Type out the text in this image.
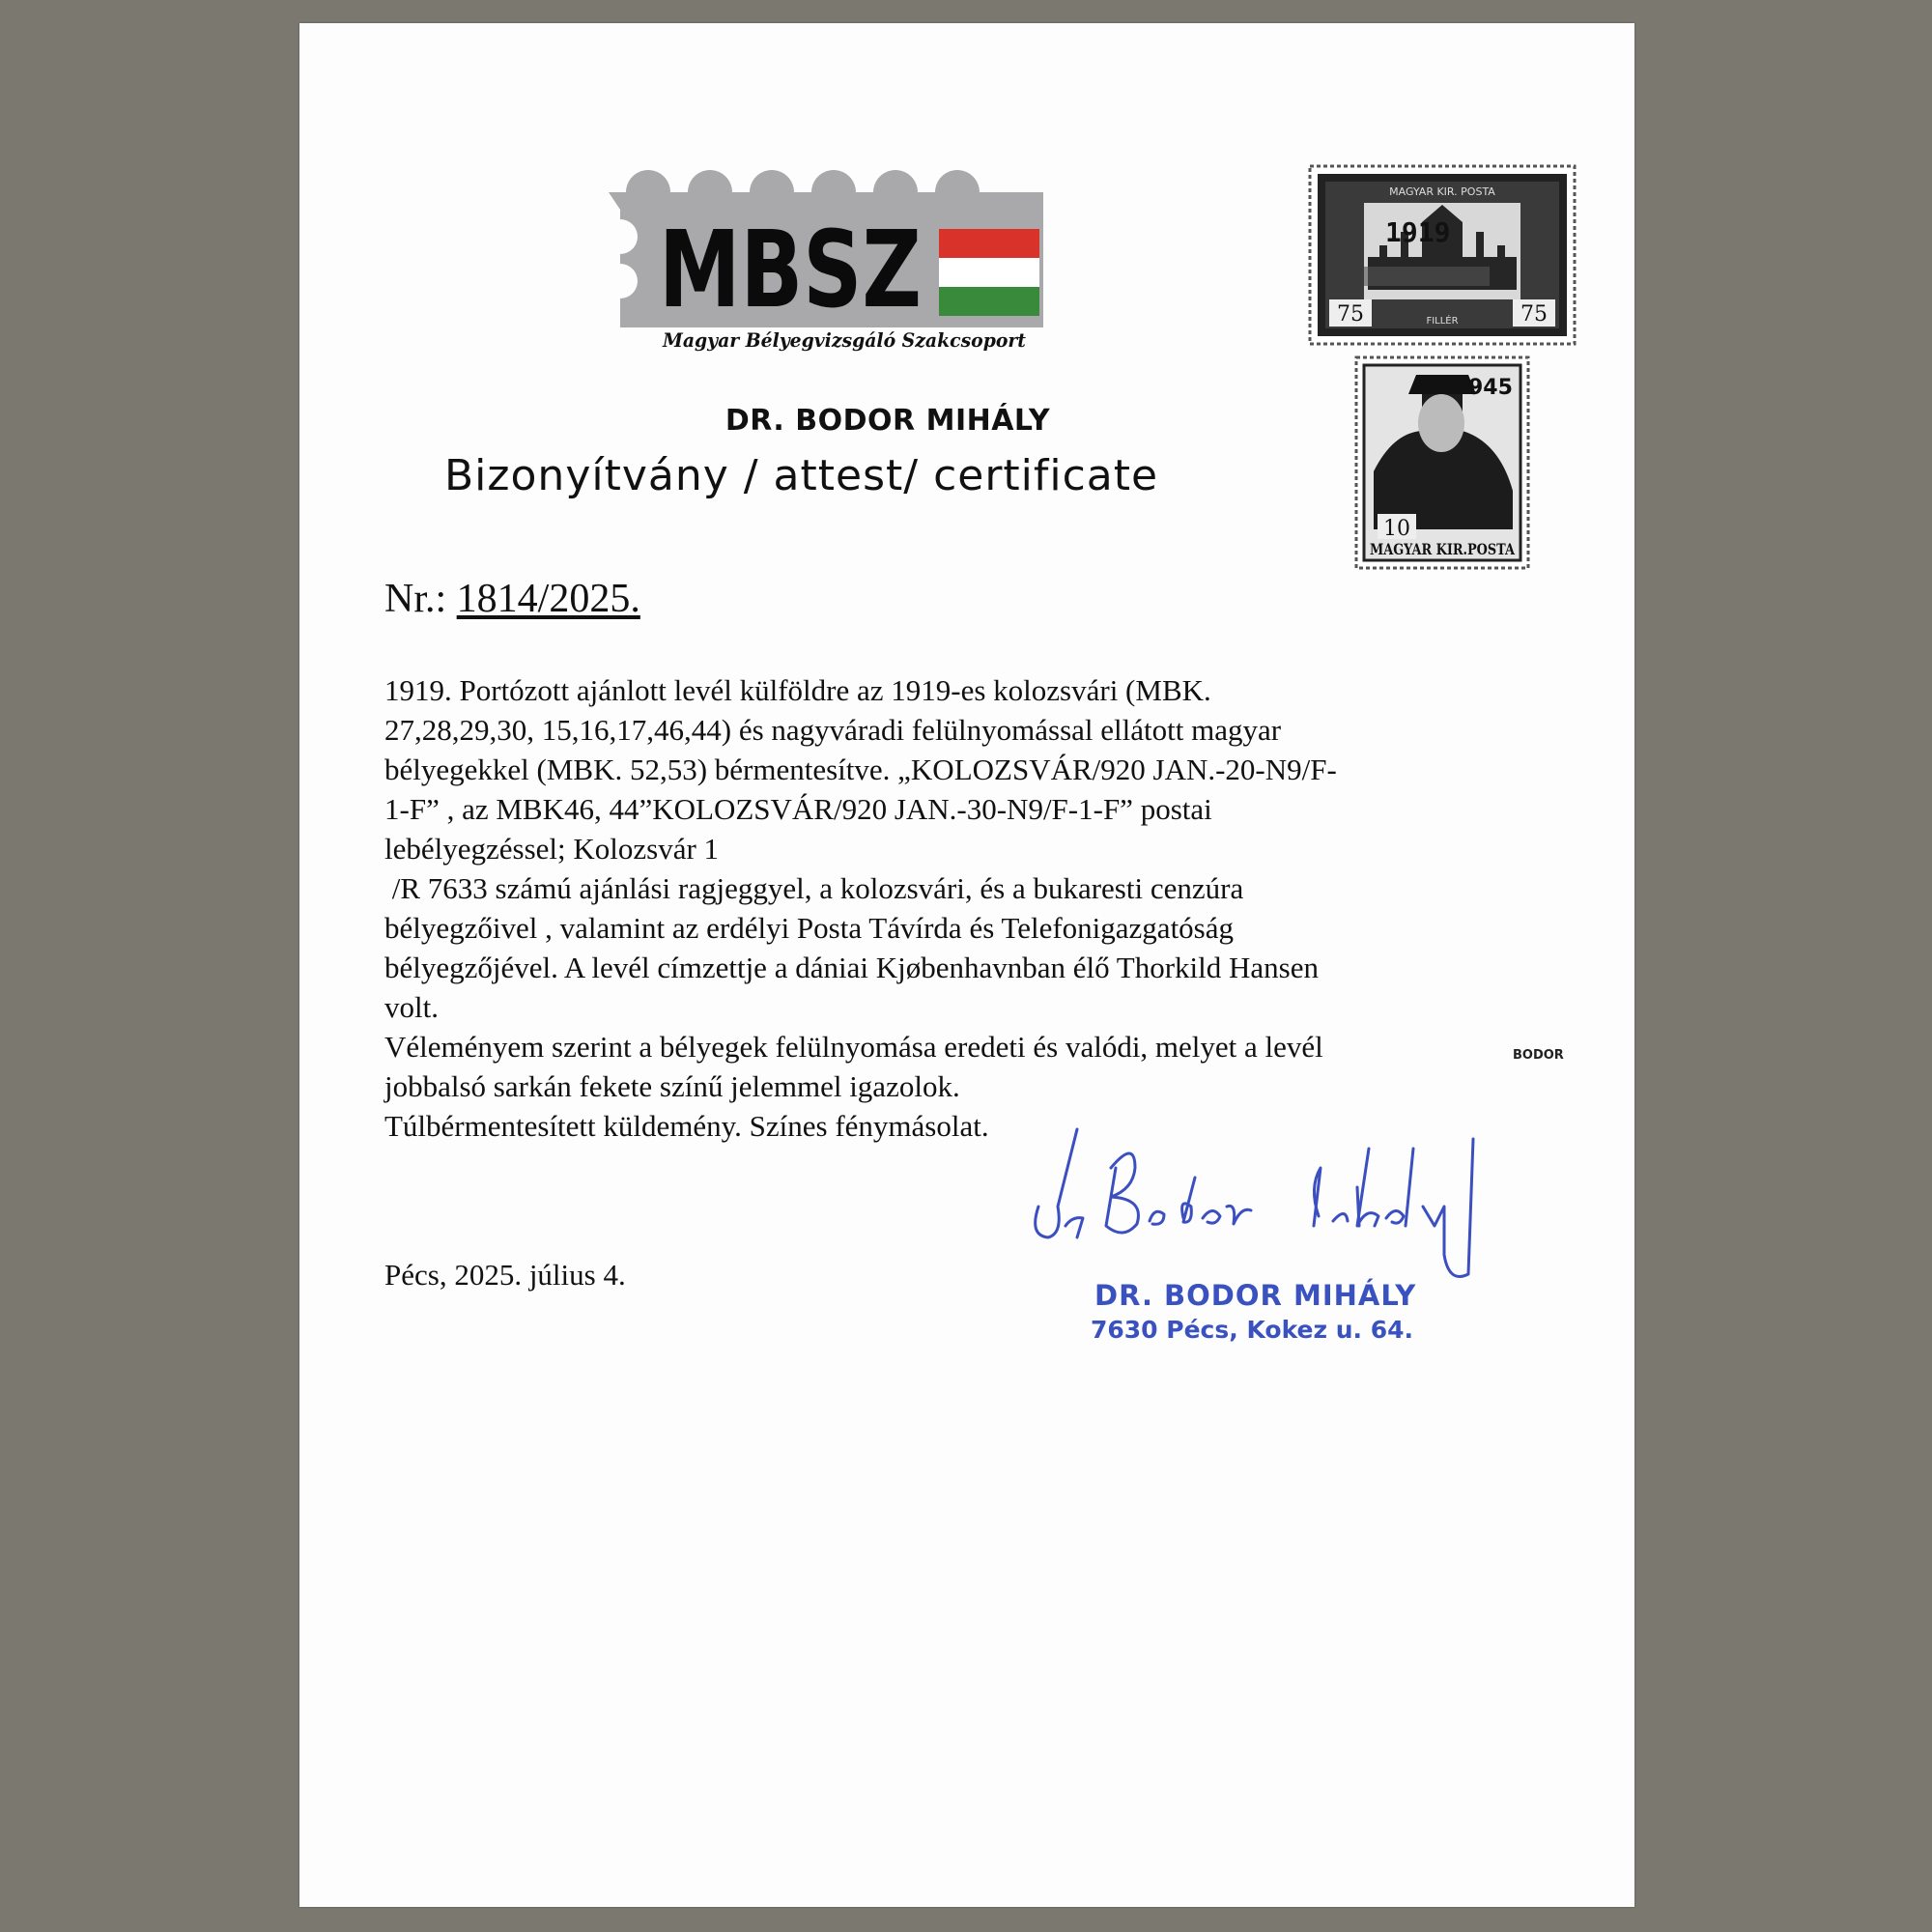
MBSZ
Magyar Bélyegvizsgáló Szakcsoport
DR. BODOR MIHÁLY
Bizonyítvány / attest/ certificate
MAGYAR KIR. POSTA
1919
75	75
FILLÉR
945
10
MAGYAR KIR.POSTA
Nr.: 1814/2025.

1919. Portózott ajánlott levél külföldre az 1919-es kolozsvári (MBK.

27,28,29,30, 15,16,17,46,44) és nagyváradi felülnyomással ellátott magyar

bélyegekkel (MBK. 52,53) bérmentesítve. „KOLOZSVÁR/920 JAN.-20-N9/F-

1-F” , az MBK46, 44”KOLOZSVÁR/920 JAN.-30-N9/F-1-F” postai

lebélyegzéssel; Kolozsvár 1

/R 7633 számú ajánlási ragjeggyel, a kolozsvári, és a bukaresti cenzúra

bélyegzőivel , valamint az erdélyi Posta Távírda és Telefonigazgatóság

bélyegzőjével. A levél címzettje a dániai Kjøbenhavnban élő Thorkild Hansen

volt.

Véleményem szerint a bélyegek felülnyomása eredeti és valódi, melyet a levél

jobbalsó sarkán fekete színű jelemmel igazolok.

Túlbérmentesített küldemény. Színes fénymásolat.

BODOR
Pécs, 2025. július 4.
DR. BODOR MIHÁLY
7630 Pécs, Kokez u. 64.
